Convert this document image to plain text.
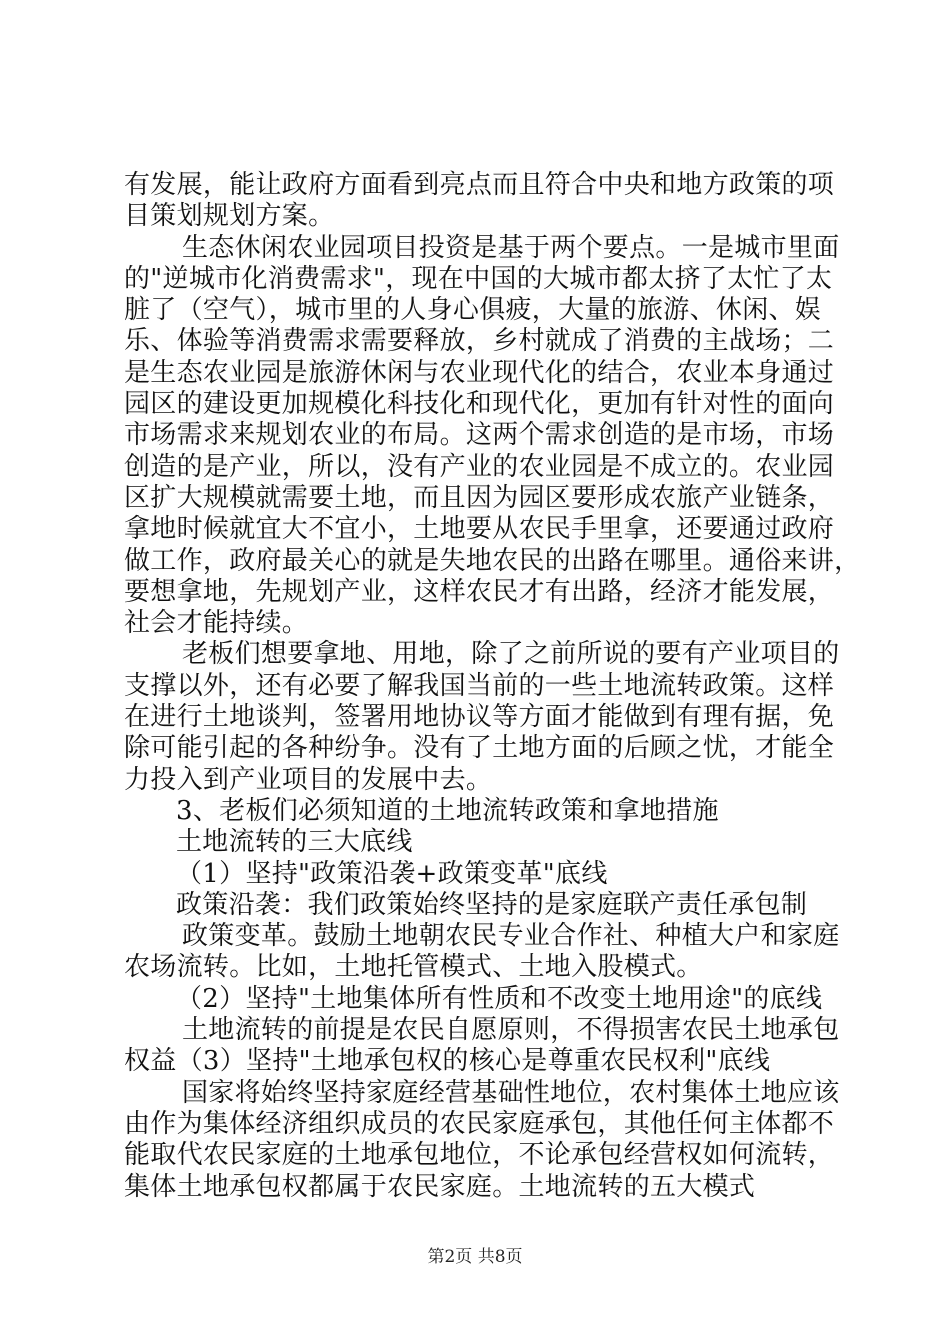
有发展，能让政府方面看到亮点而且符合中央和地方政策的项
目策划规划方案。
生态休闲农业园项目投资是基于两个要点。一是城市里面
的"逆城市化消费需求"，现在中国的大城市都太挤了太忙了太
脏了（空气），城市里的人身心俱疲，大量的旅游、休闲、娱
乐、体验等消费需求需要释放，乡村就成了消费的主战场；二
是生态农业园是旅游休闲与农业现代化的结合，农业本身通过
园区的建设更加规模化科技化和现代化，更加有针对性的面向
市场需求来规划农业的布局。这两个需求创造的是市场，市场
创造的是产业，所以，没有产业的农业园是不成立的。农业园
区扩大规模就需要土地，而且因为园区要形成农旅产业链条，
拿地时候就宜大不宜小，土地要从农民手里拿，还要通过政府
做工作，政府最关心的就是失地农民的出路在哪里。通俗来讲，
要想拿地，先规划产业，这样农民才有出路，经济才能发展，
社会才能持续。
老板们想要拿地、用地，除了之前所说的要有产业项目的
支撑以外，还有必要了解我国当前的一些土地流转政策。这样
在进行土地谈判，签署用地协议等方面才能做到有理有据，免
除可能引起的各种纷争。没有了土地方面的后顾之忧，才能全
力投入到产业项目的发展中去。
3、老板们必须知道的土地流转政策和拿地措施
土地流转的三大底线
（1）坚持"政策沿袭+政策变革"底线
政策沿袭：我们政策始终坚持的是家庭联产责任承包制
政策变革。鼓励土地朝农民专业合作社、种植大户和家庭
农场流转。比如，土地托管模式、土地入股模式。
（2）坚持"土地集体所有性质和不改变土地用途"的底线
土地流转的前提是农民自愿原则，不得损害农民土地承包
权益（3）坚持"土地承包权的核心是尊重农民权利"底线
国家将始终坚持家庭经营基础性地位，农村集体土地应该
由作为集体经济组织成员的农民家庭承包，其他任何主体都不
能取代农民家庭的土地承包地位，不论承包经营权如何流转，
集体土地承包权都属于农民家庭。土地流转的五大模式
第2页 共8页
